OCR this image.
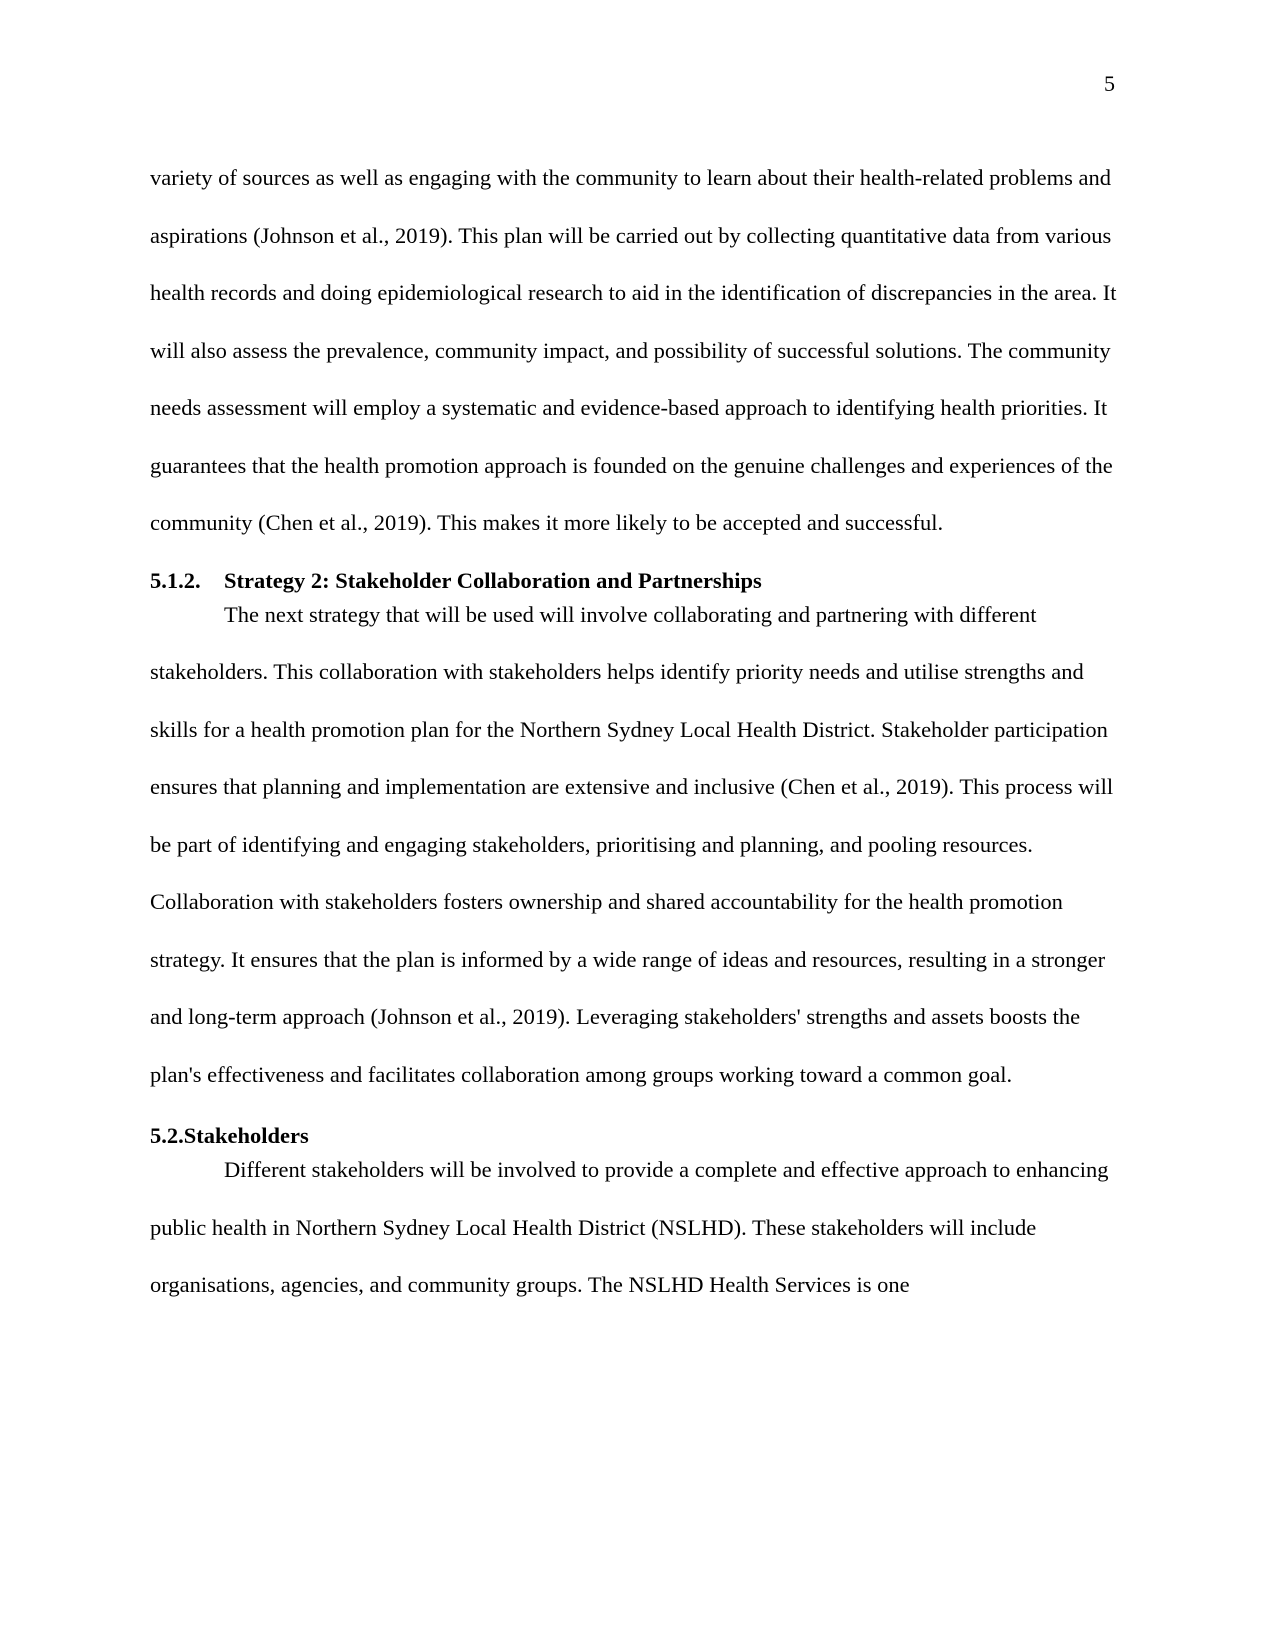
5

variety of sources as well as engaging with the community to learn about their health-related problems and aspirations (Johnson et al., 2019). This plan will be carried out by collecting quantitative data from various health records and doing epidemiological research to aid in the identification of discrepancies in the area. It will also assess the prevalence, community impact, and possibility of successful solutions. The community needs assessment will employ a systematic and evidence-based approach to identifying health priorities. It guarantees that the health promotion approach is founded on the genuine challenges and experiences of the community (Chen et al., 2019). This makes it more likely to be accepted and successful.

5.1.2. Strategy 2: Stakeholder Collaboration and Partnerships

The next strategy that will be used will involve collaborating and partnering with different stakeholders. This collaboration with stakeholders helps identify priority needs and utilise strengths and skills for a health promotion plan for the Northern Sydney Local Health District. Stakeholder participation ensures that planning and implementation are extensive and inclusive (Chen et al., 2019). This process will be part of identifying and engaging stakeholders, prioritising and planning, and pooling resources. Collaboration with stakeholders fosters ownership and shared accountability for the health promotion strategy. It ensures that the plan is informed by a wide range of ideas and resources, resulting in a stronger and long-term approach (Johnson et al., 2019). Leveraging stakeholders' strengths and assets boosts the plan's effectiveness and facilitates collaboration among groups working toward a common goal.

5.2.Stakeholders

Different stakeholders will be involved to provide a complete and effective approach to enhancing public health in Northern Sydney Local Health District (NSLHD). These stakeholders will include organisations, agencies, and community groups. The NSLHD Health Services is one
